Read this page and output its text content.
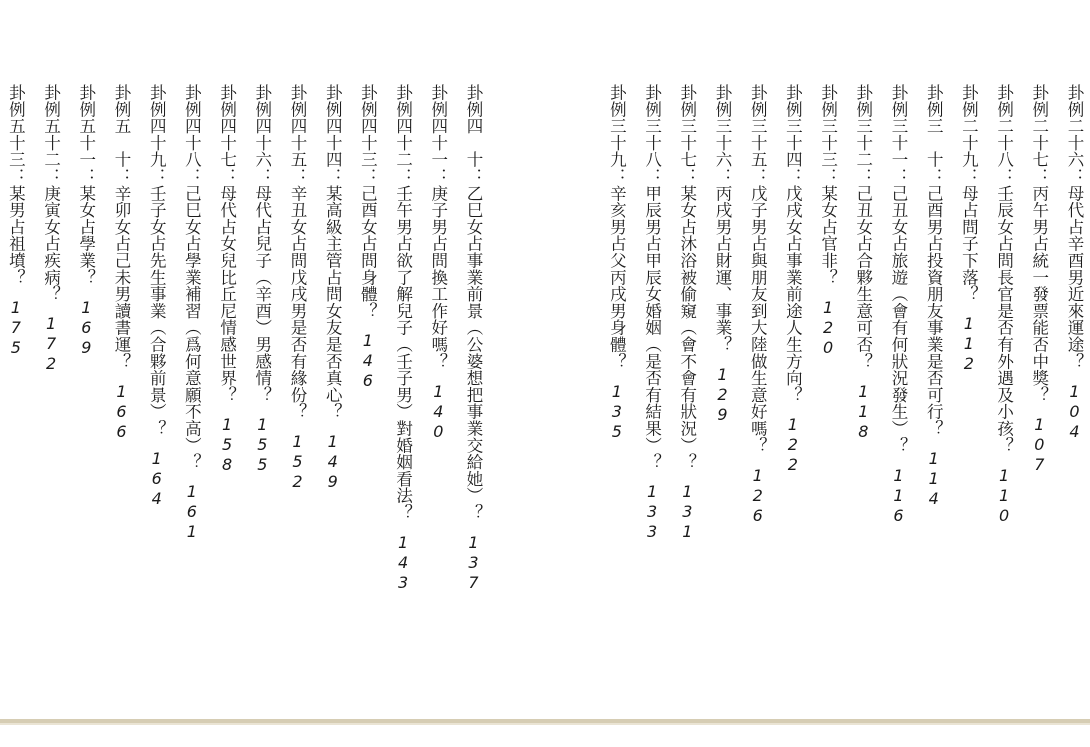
卦例二十六：母代占辛酉男近來運途？104
卦例二十七：丙午男占統一發票能否中獎？107
卦例二十八：壬辰女占問長官是否有外遇及小孩？110
卦例二十九：母占問子下落？112
卦例三　十：己酉男占投資朋友事業是否可行？114
卦例三十一：己丑女占旅遊（會有何狀況發生）？116
卦例三十二：己丑女占合夥生意可否？118
卦例三十三：某女占官非？120
卦例三十四：戊戌女占事業前途人生方向？122
卦例三十五：戊子男占與朋友到大陸做生意好嗎？126
卦例三十六：丙戌男占財運、事業？129
卦例三十七：某女占沐浴被偷窺（會不會有狀況）？131
卦例三十八：甲辰男占甲辰女婚姻（是否有結果）？133
卦例三十九：辛亥男占父丙戌男身體？135
卦例四　十：乙巳女占事業前景（公婆想把事業交給她）？137
卦例四十一：庚子男占問換工作好嗎？140
卦例四十二：壬午男占欲了解兒子（壬子男）對婚姻看法？143
卦例四十三：己酉女占問身體？146
卦例四十四：某高級主管占問女友是否真心？149
卦例四十五：辛丑女占問戊戌男是否有緣份？152
卦例四十六：母代占兒子（辛酉）男感情？155
卦例四十七：母代占女兒比丘尼情感世界？158
卦例四十八：己巳女占學業補習（爲何意願不高）？161
卦例四十九：壬子女占先生事業（合夥前景）？164
卦例五　十：辛卯女占己未男讀書運？166
卦例五十一：某女占學業？169
卦例五十二：庚寅女占疾病？172
卦例五十三：某男占祖墳？175
